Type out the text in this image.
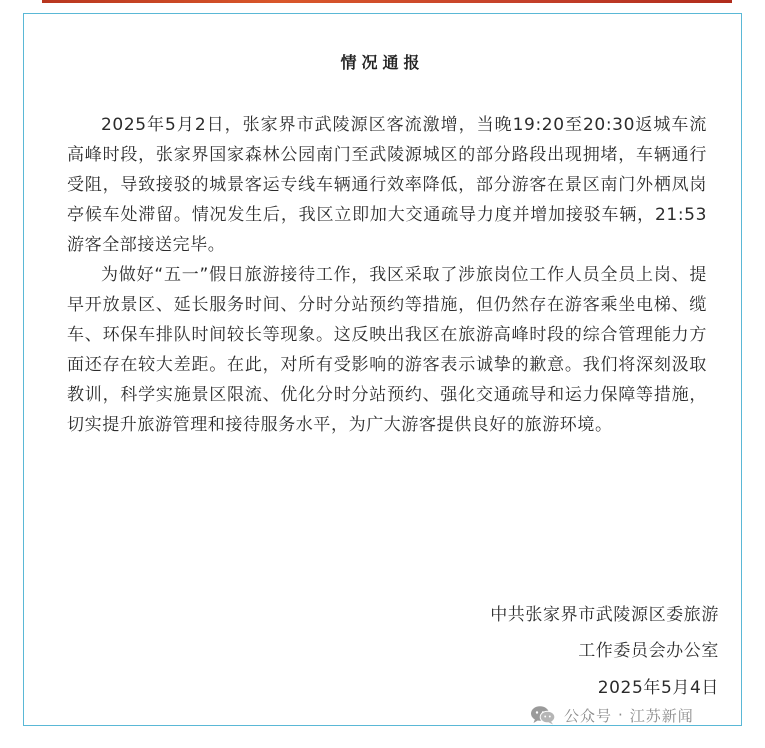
情况通报

2025年5月2日，张家界市武陵源区客流激增，当晚19:20至20:30返城车流高峰时段，张家界国家森林公园南门至武陵源城区的部分路段出现拥堵，车辆通行受阻，导致接驳的城景客运专线车辆通行效率降低，部分游客在景区南门外栖凤岗亭候车处滞留。情况发生后，我区立即加大交通疏导力度并增加接驳车辆，21:53游客全部接送完毕。

为做好“五一”假日旅游接待工作，我区采取了涉旅岗位工作人员全员上岗、提早开放景区、延长服务时间、分时分站预约等措施，但仍然存在游客乘坐电梯、缆车、环保车排队时间较长等现象。这反映出我区在旅游高峰时段的综合管理能力方面还存在较大差距。在此，对所有受影响的游客表示诚挚的歉意。我们将深刻汲取教训，科学实施景区限流、优化分时分站预约、强化交通疏导和运力保障等措施，切实提升旅游管理和接待服务水平，为广大游客提供良好的旅游环境。

中共张家界市武陵源区委旅游
工作委员会办公室
2025年5月4日
公众号 · 江苏新闻
